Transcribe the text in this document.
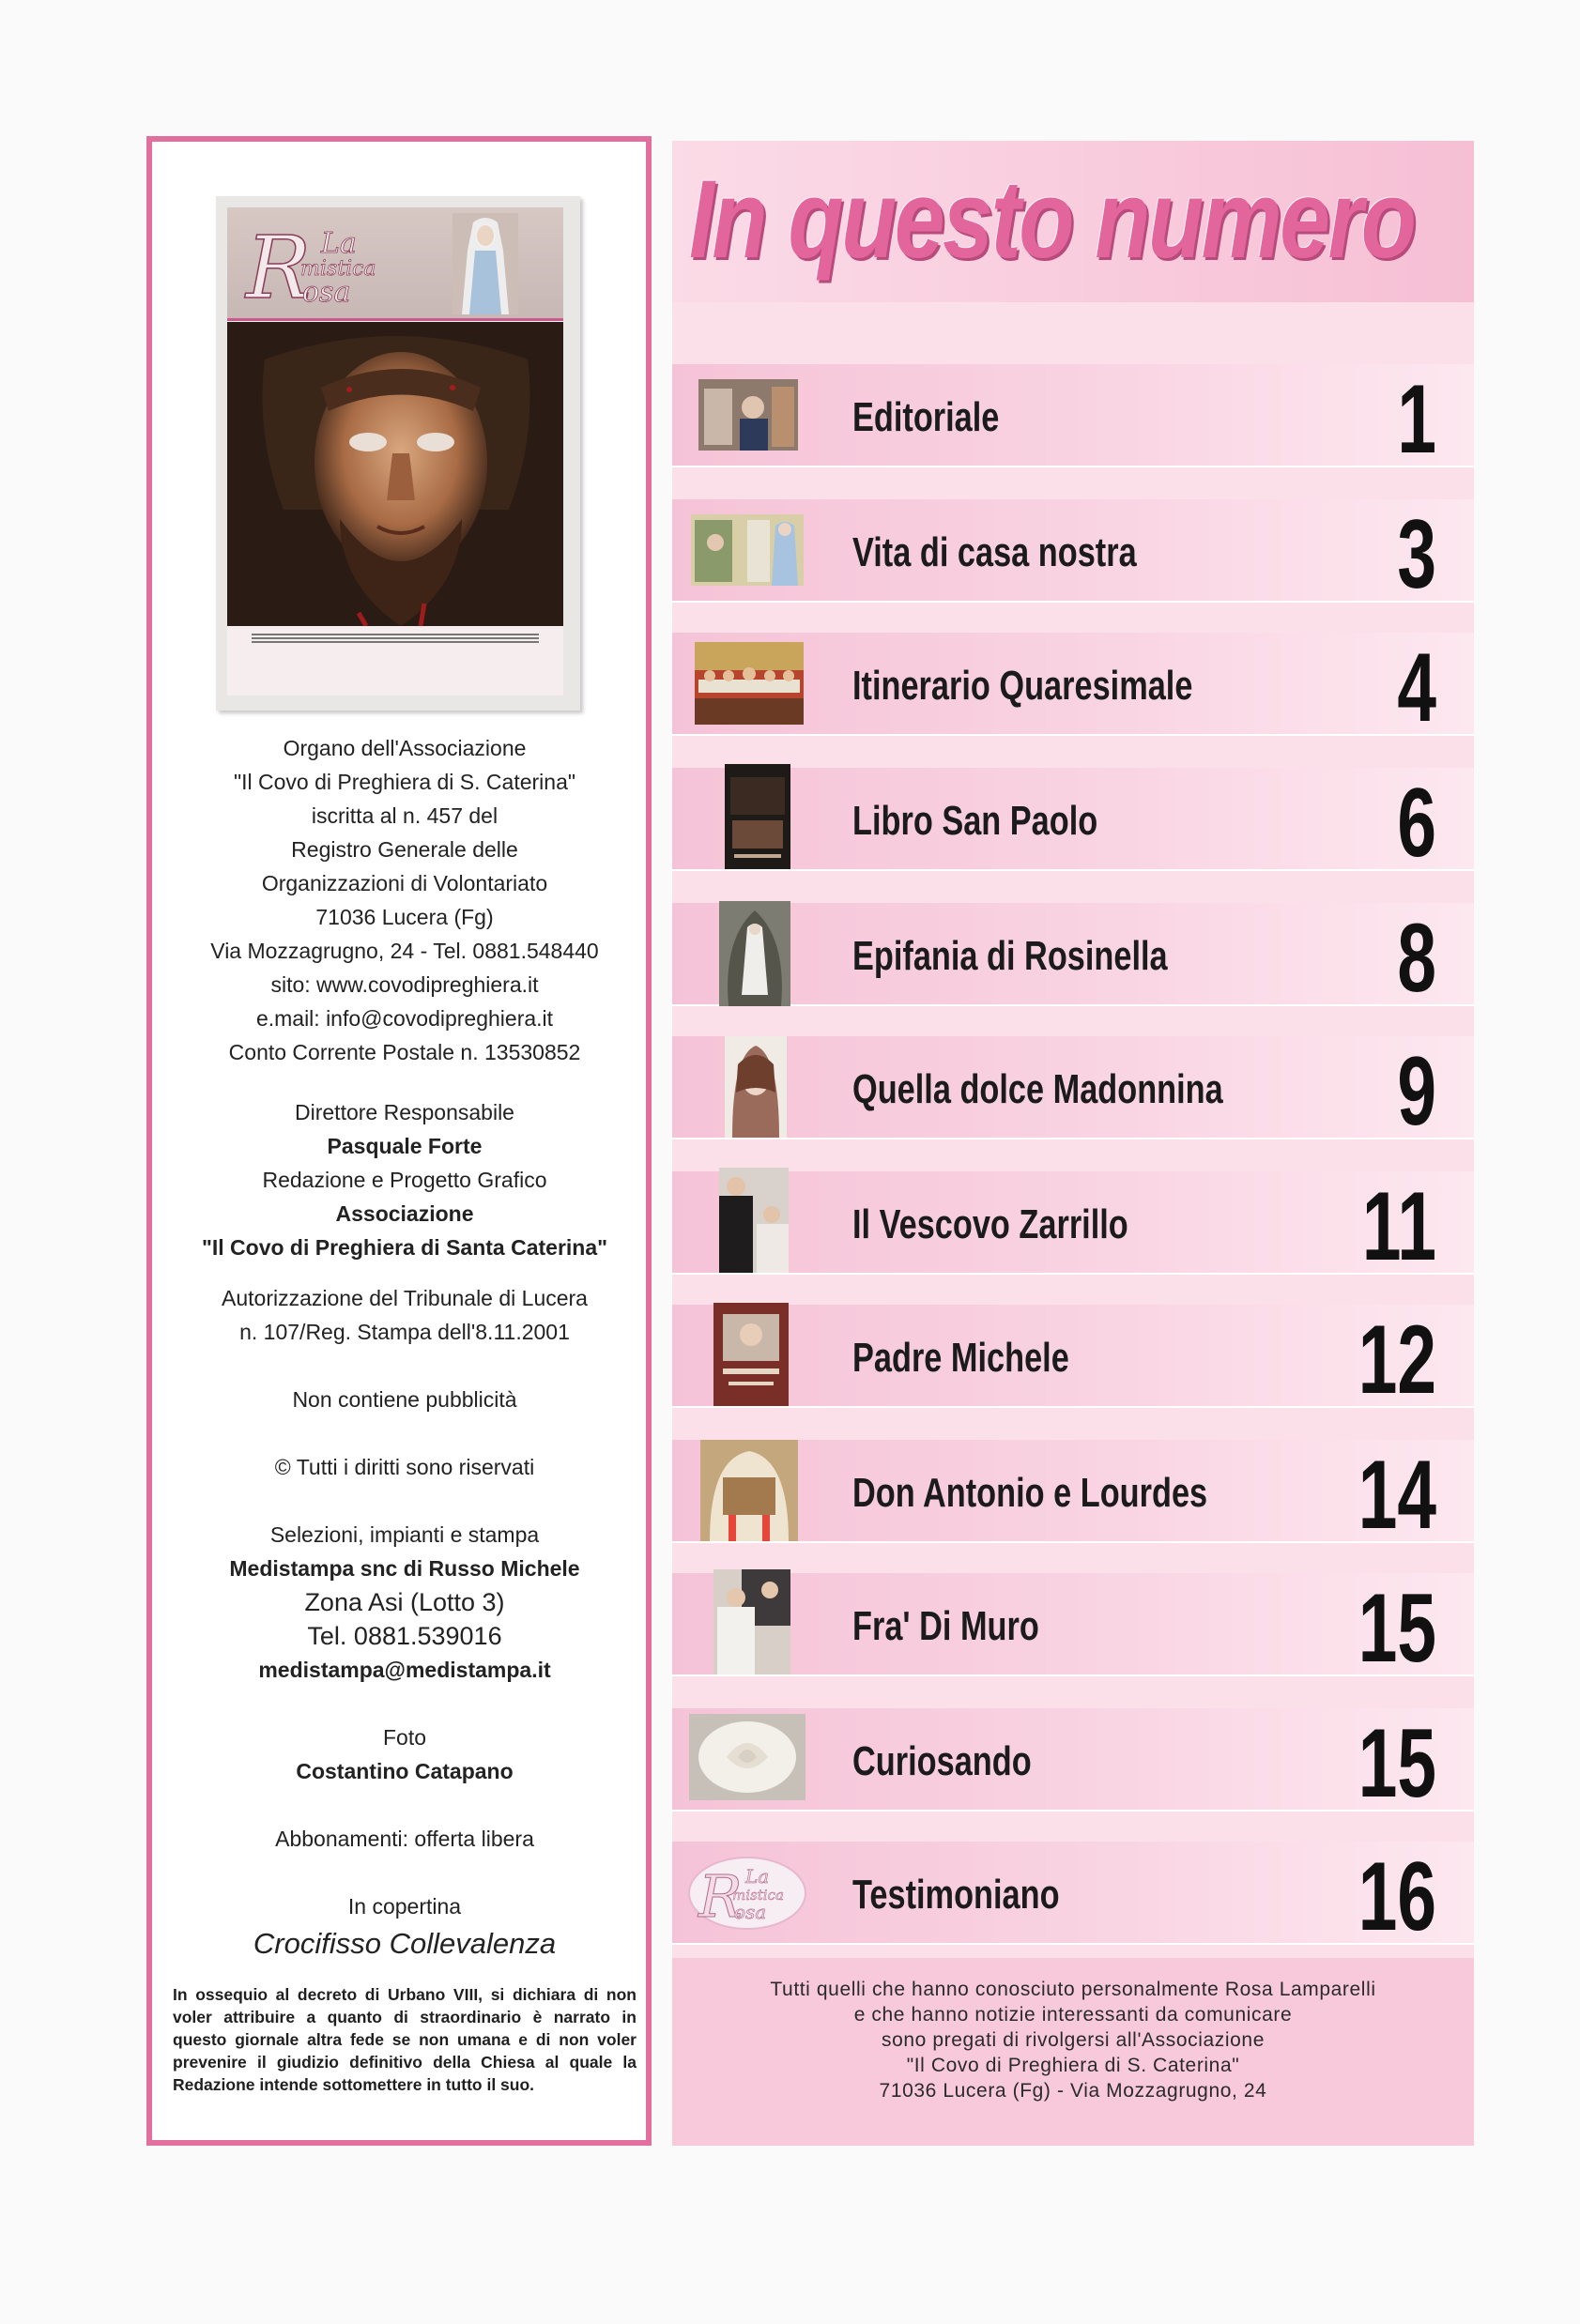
R La
mistica
osa
Organo dell'Associazione
"Il Covo di Preghiera di S. Caterina"
iscritta al n. 457 del
Registro Generale delle
Organizzazioni di Volontariato
71036 Lucera (Fg)
Via Mozzagrugno, 24 - Tel. 0881.548440
sito: www.covodipreghiera.it
e.mail: info@covodipreghiera.it
Conto Corrente Postale n. 13530852
Direttore Responsabile
Pasquale Forte
Redazione e Progetto Grafico
Associazione
"Il Covo di Preghiera di Santa Caterina"
Autorizzazione del Tribunale di Lucera
n. 107/Reg. Stampa dell'8.11.2001
Non contiene pubblicità
© Tutti i diritti sono riservati
Selezioni, impianti e stampa
Medistampa snc di Russo Michele
Zona Asi (Lotto 3)
Tel. 0881.539016
medistampa@medistampa.it
Foto
Costantino Catapano
Abbonamenti: offerta libera
In copertina
Crocifisso Collevalenza
In ossequio al decreto di Urbano VIII, si dichiara di non voler attribuire a quanto di straordinario è narrato in questo giornale altra fede se non umana e di non voler prevenire il giudizio definitivo della Chiesa al quale la Redazione intende sottomettere in tutto il suo.
In questo numero
Editoriale	1
Vita di casa nostra	3
Itinerario Quaresimale	4
Libro San Paolo	6
Epifania di Rosinella	8
Quella dolce Madonnina	9
Il Vescovo Zarrillo 11
Padre Michele	12
Don Antonio e Lourdes 14
Fra' Di Muro	15
Curiosando	15
R La
mistica
osa Testimoniano	16
Tutti quelli che hanno conosciuto personalmente Rosa Lamparelli
e che hanno notizie interessanti da comunicare
sono pregati di rivolgersi all'Associazione
"Il Covo di Preghiera di S. Caterina"
71036 Lucera (Fg) - Via Mozzagrugno, 24
